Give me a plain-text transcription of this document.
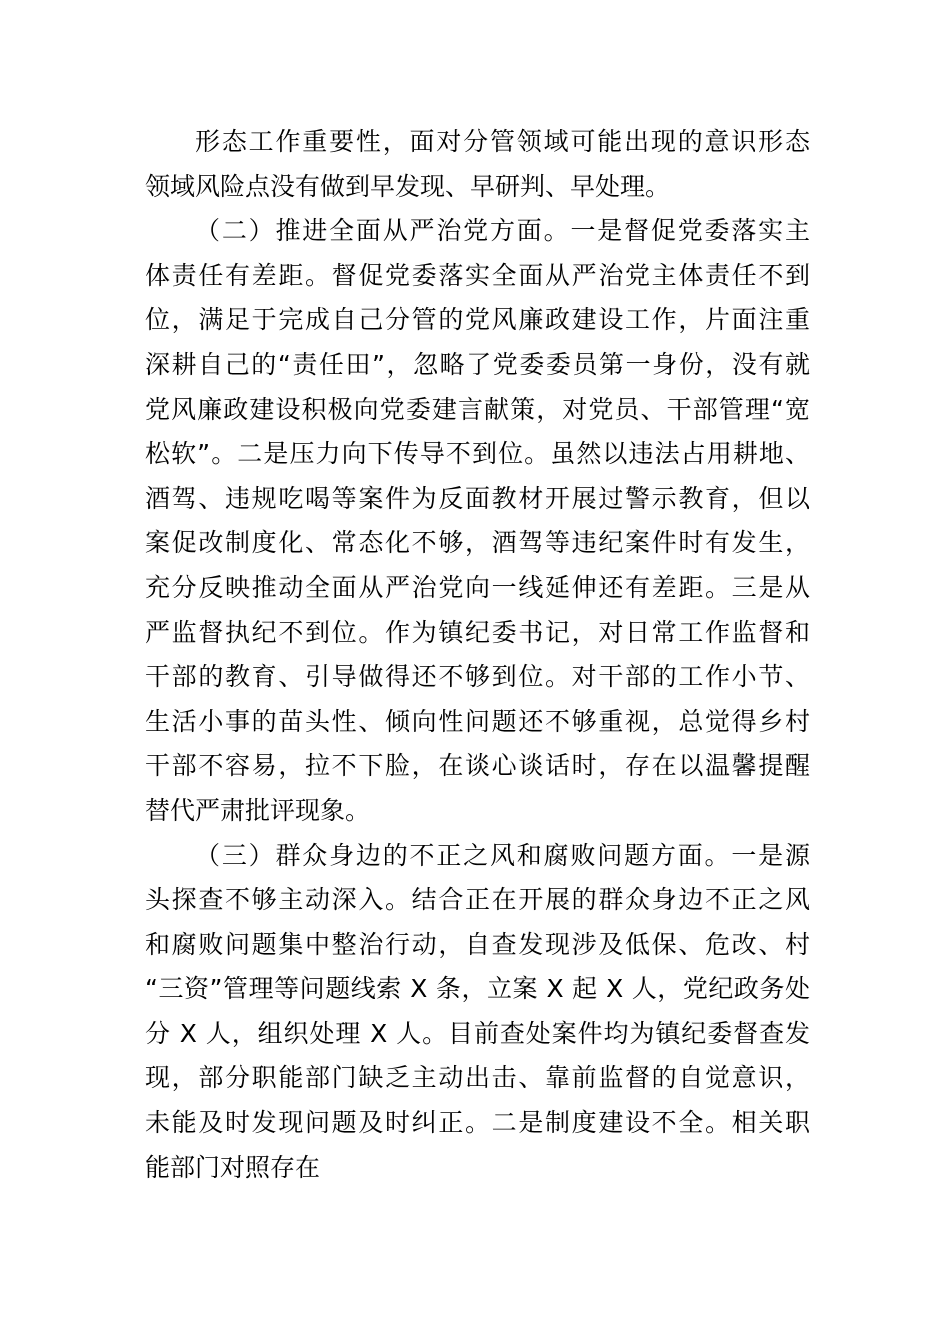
形态工作重要性，面对分管领域可能出现的意识形态
领域风险点没有做到早发现、早研判、早处理。
（二）推进全面从严治党方面。一是督促党委落实主
体责任有差距。督促党委落实全面从严治党主体责任不到
位，满足于完成自己分管的党风廉政建设工作，片面注重
深耕自己的“责任田”，忽略了党委委员第一身份，没有就
党风廉政建设积极向党委建言献策，对党员、干部管理“宽
松软”。二是压力向下传导不到位。虽然以违法占用耕地、
酒驾、违规吃喝等案件为反面教材开展过警示教育，但以
案促改制度化、常态化不够，酒驾等违纪案件时有发生，
充分反映推动全面从严治党向一线延伸还有差距。三是从
严监督执纪不到位。作为镇纪委书记，对日常工作监督和
干部的教育、引导做得还不够到位。对干部的工作小节、
生活小事的苗头性、倾向性问题还不够重视，总觉得乡村
干部不容易，拉不下脸，在谈心谈话时，存在以温馨提醒
替代严肃批评现象。
（三）群众身边的不正之风和腐败问题方面。一是源
头探查不够主动深入。结合正在开展的群众身边不正之风
和腐败问题集中整治行动，自查发现涉及低保、危改、村
“三资”管理等问题线索 X 条，立案 X 起 X 人，党纪政务处
分 X 人，组织处理 X 人。目前查处案件均为镇纪委督查发
现，部分职能部门缺乏主动出击、靠前监督的自觉意识，
未能及时发现问题及时纠正。二是制度建设不全。相关职
能部门对照存在
